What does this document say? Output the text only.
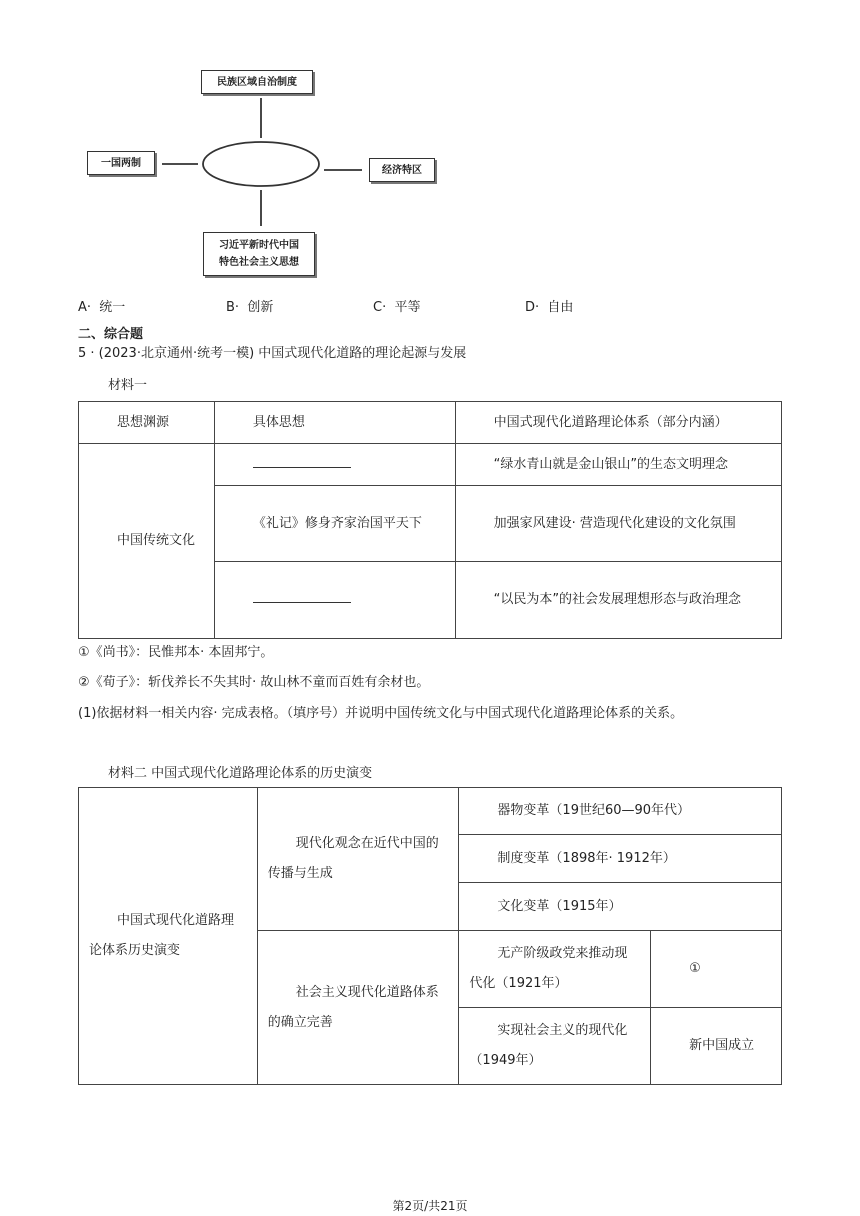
民族区域自治制度
一国两制
经济特区
习近平新时代中国
特色社会主义思想
A· 统一	B· 创新	C· 平等	D· 自由
二、综合题
5 · (2023·北京通州·统考一模) 中国式现代化道路的理论起源与发展
材料一
思想渊源	具体思想	中国式现代化道路理论体系（部分内涵）
中国传统文化		“绿水青山就是金山银山”的生态文明理念
	《礼记》修身齐家治国平天下	加强家风建设· 营造现代化建设的文化氛围
		“以民为本”的社会发展理想形态与政治理念
①《尚书》：民惟邦本· 本固邦宁。
②《荀子》：斩伐养长不失其时· 故山林不童而百姓有余材也。
(1)依据材料一相关内容· 完成表格。（填序号）并说明中国传统文化与中国式现代化道路理论体系的关系。
材料二 中国式现代化道路理论体系的历史演变
中国式现代化道路理论体系历史演变	现代化观念在近代中国的传播与生成	器物变革（19世纪60—90年代）	
		制度变革（1898年· 1912年）	
		文化变革（1915年）	
	社会主义现代化道路体系的确立完善	无产阶级政党来推动现代化（1921年）	①
		实现社会主义的现代化（1949年）	新中国成立
第2页/共21页
